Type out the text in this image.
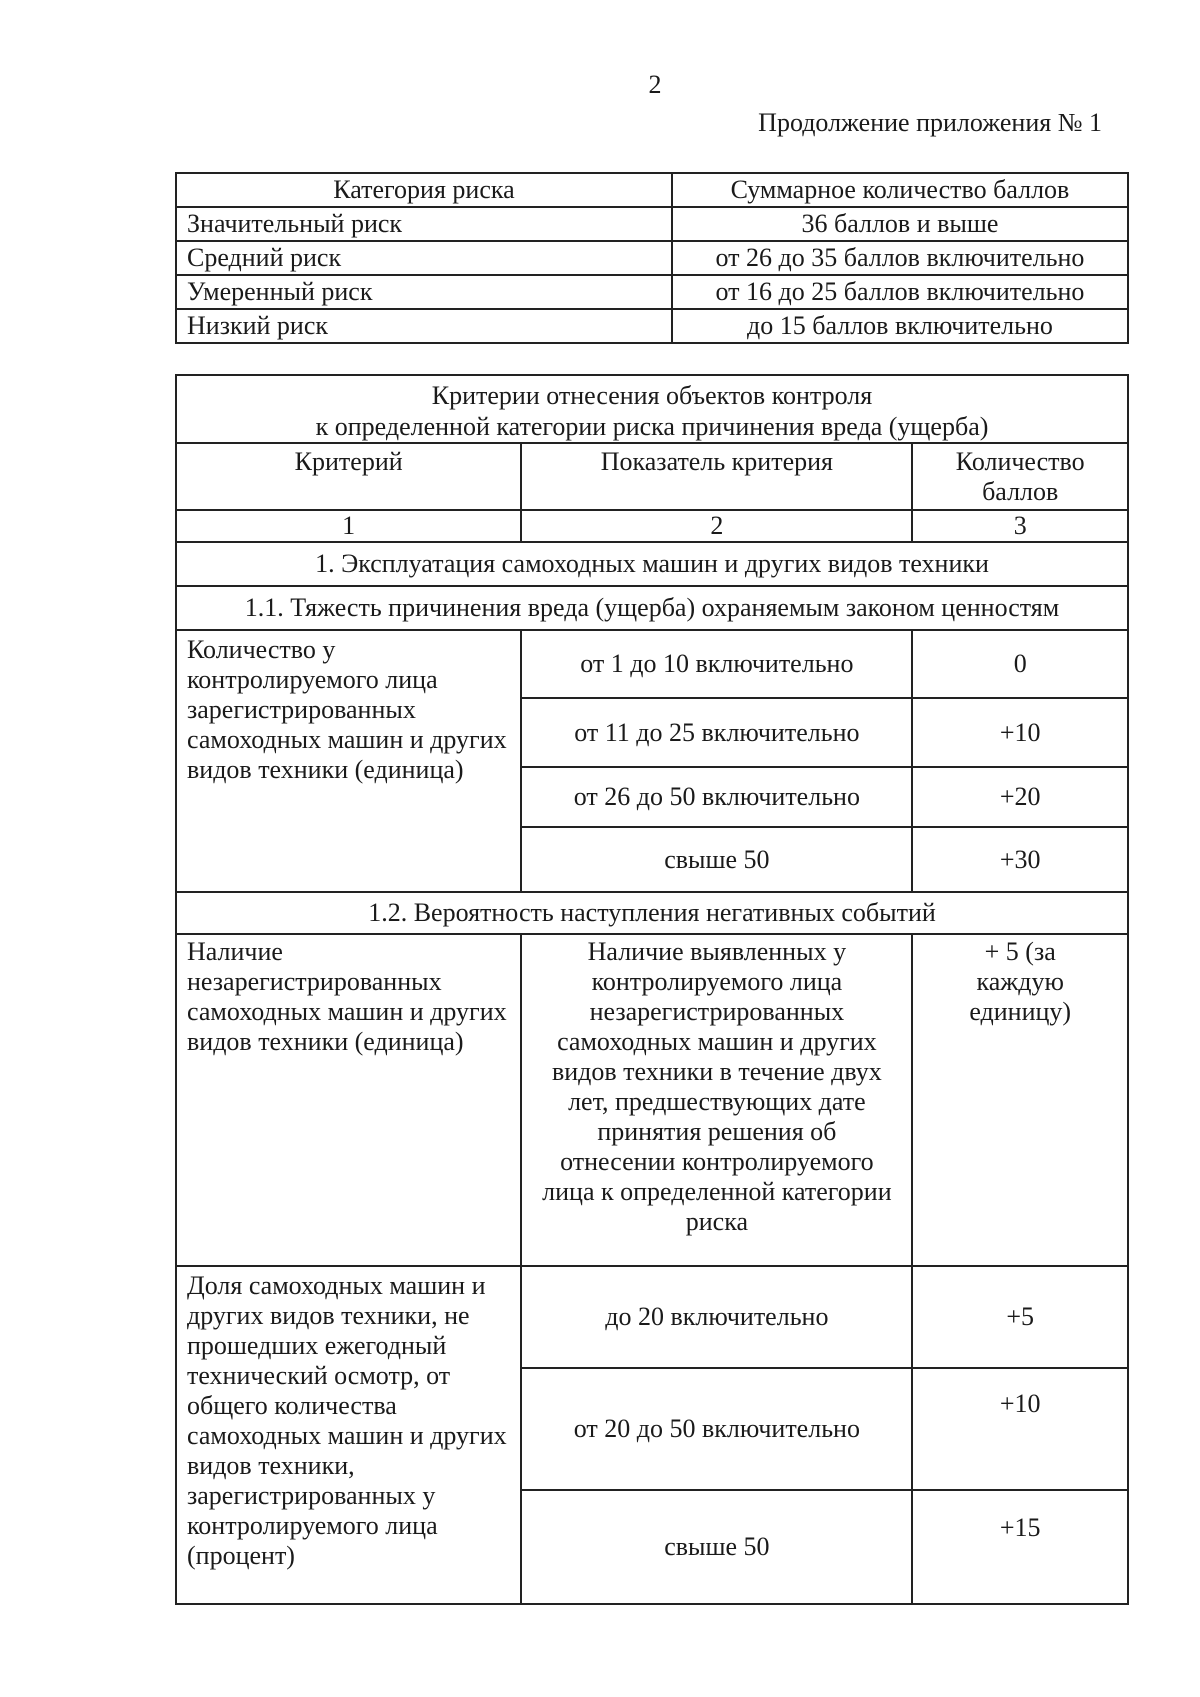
2
Продолжение приложения № 1
Категория риска	Суммарное количество баллов
Значительный риск	36 баллов и выше
Средний риск	от 26 до 35 баллов включительно
Умеренный риск	от 16 до 25 баллов включительно
Низкий риск	до 15 баллов включительно
Критерии отнесения объектов контроля
к определенной категории риска причинения вреда (ущерба)		

Критерий	Показатель критерия	Количество баллов
1	2	3
1. Эксплуатация самоходных машин и других видов техники		
1.1. Тяжесть причинения вреда (ущерба) охраняемым законом ценностям		
Количество у контролируемого лица зарегистрированных самоходных машин и других видов техники (единица)	от 1 до 10 включительно	0
	от 11 до 25 включительно	+10
	от 26 до 50 включительно	+20
	свыше 50	+30
1.2. Вероятность наступления негативных событий		
Наличие незарегистрированных самоходных машин и других видов техники (единица)	Наличие выявленных у контролируемого лица незарегистрированных самоходных машин и других видов техники в течение двух лет, предшествующих дате принятия решения об отнесении контролируемого лица к определенной категории риска	+ 5 (за каждую единицу)
Доля самоходных машин и других видов техники, не прошедших ежегодный технический осмотр, от общего количества самоходных машин и других видов техники, зарегистрированных у контролируемого лица (процент)	до 20 включительно	+5
	от 20 до 50 включительно	+10
	свыше 50	+15
